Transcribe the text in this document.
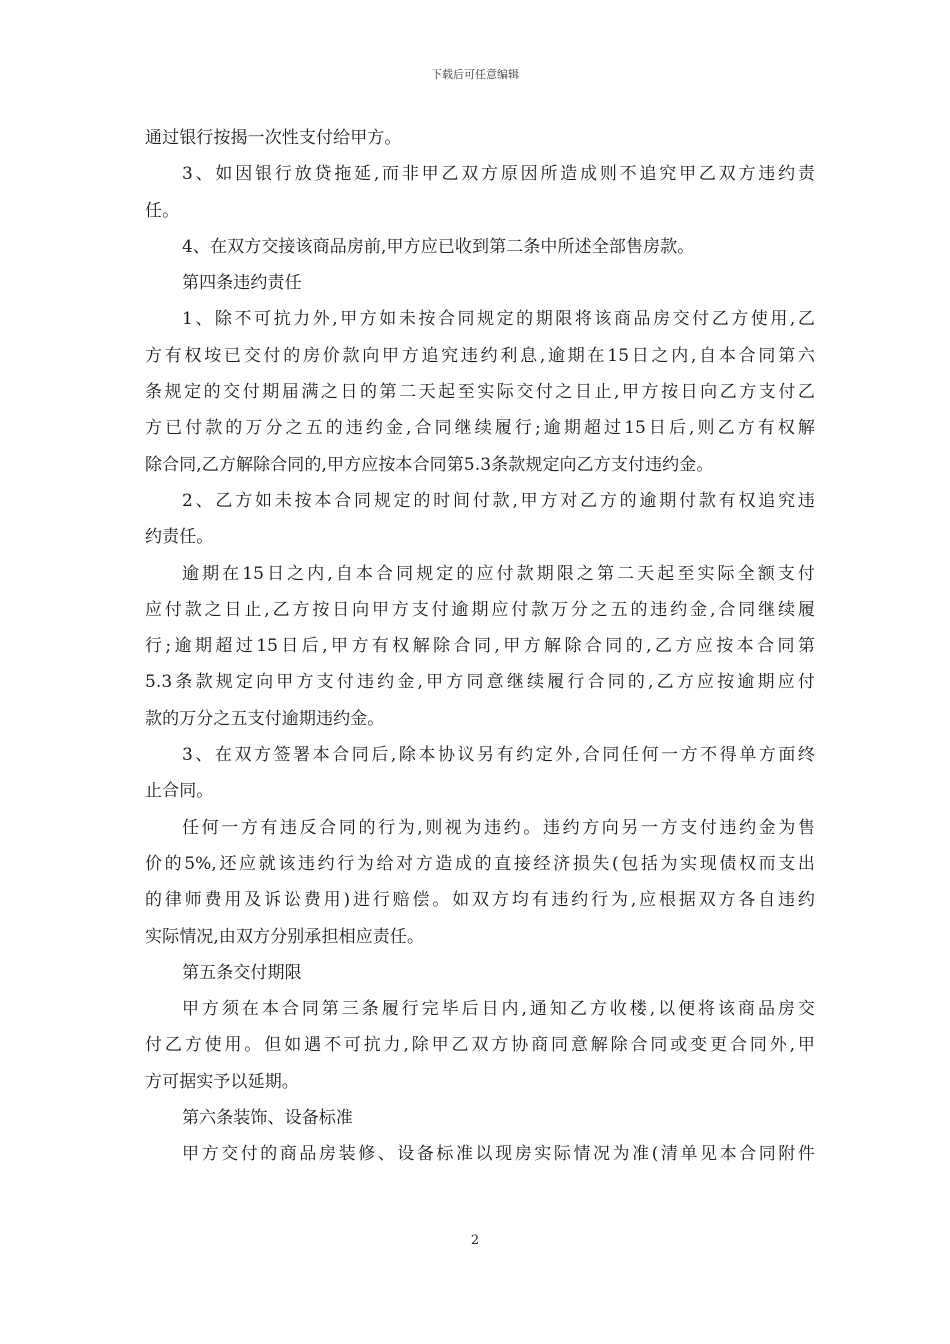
下载后可任意编辑
通过银行按揭一次性支付给甲方。
3、如因银行放贷拖延,而非甲乙双方原因所造成则不追究甲乙双方违约责
任。
4、在双方交接该商品房前,甲方应已收到第二条中所述全部售房款。
第四条违约责任
1、除不可抗力外,甲方如未按合同规定的期限将该商品房交付乙方使用,乙
方有权垵已交付的房价款向甲方追究违约利息,逾期在15日之内,自本合同第六
条规定的交付期届满之日的第二天起至实际交付之日止,甲方按日向乙方支付乙
方已付款的万分之五的违约金,合同继续履行;逾期超过15日后,则乙方有权解
除合同,乙方解除合同的,甲方应按本合同第5.3条款规定向乙方支付违约金。
2、乙方如未按本合同规定的时间付款,甲方对乙方的逾期付款有权追究违
约责任。
逾期在15日之内,自本合同规定的应付款期限之第二天起至实际全额支付
应付款之日止,乙方按日向甲方支付逾期应付款万分之五的违约金,合同继续履
行;逾期超过15日后,甲方有权解除合同,甲方解除合同的,乙方应按本合同第
5.3条款规定向甲方支付违约金,甲方同意继续履行合同的,乙方应按逾期应付
款的万分之五支付逾期违约金。
3、在双方签署本合同后,除本协议另有约定外,合同任何一方不得单方面终
止合同。
任何一方有违反合同的行为,则视为违约。违约方向另一方支付违约金为售
价的5%,还应就该违约行为给对方造成的直接经济损失(包括为实现债权而支出
的律师费用及诉讼费用)进行赔偿。如双方均有违约行为,应根据双方各自违约
实际情况,由双方分别承担相应责任。
第五条交付期限
甲方须在本合同第三条履行完毕后日内,通知乙方收楼,以便将该商品房交
付乙方使用。但如遇不可抗力,除甲乙双方协商同意解除合同或变更合同外,甲
方可据实予以延期。
第六条装饰、设备标准
甲方交付的商品房装修、设备标准以现房实际情况为准(清单见本合同附件
2
